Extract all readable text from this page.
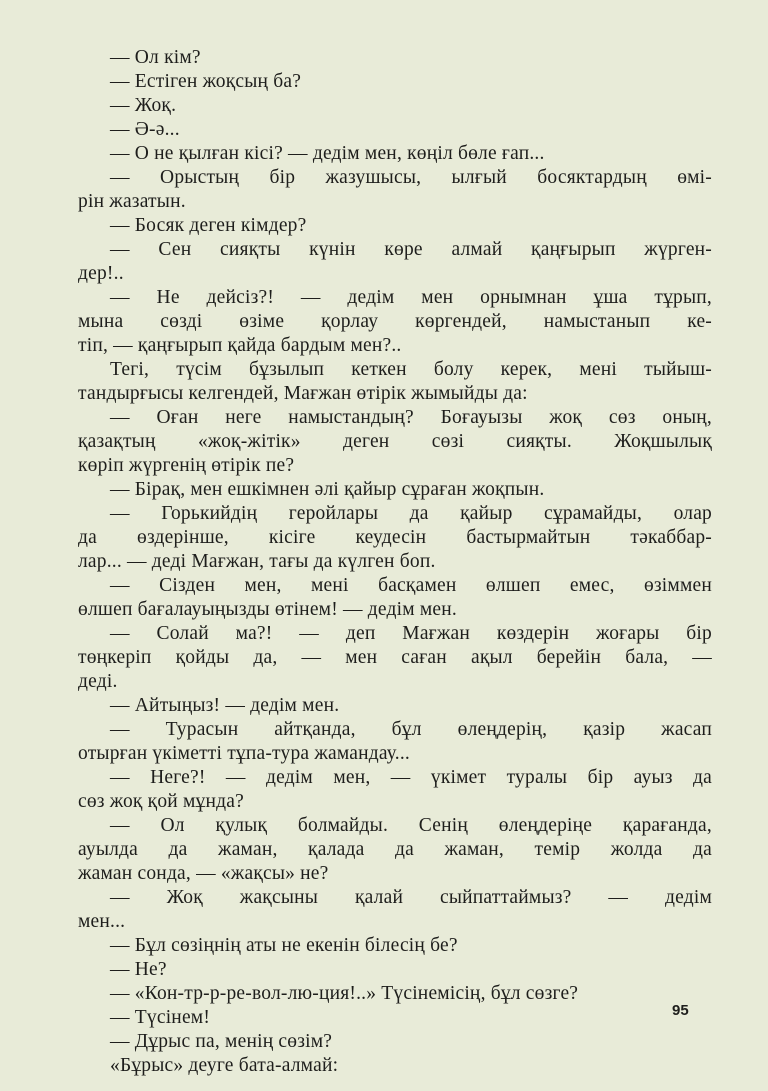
— Ол кім?
— Естіген жоқсың ба?
— Жоқ.
— Ә-ә...
— О не қылған кісі? — дедім мен, көңіл бөле ғап...
— Орыстың бір жазушысы, ылғый босяктардың өмі-
рін жазатын.
— Босяк деген кімдер?
— Сен сияқты күнін көре алмай қаңғырып жүрген-
дер!..
— Не дейсіз?! — дедім мен орнымнан ұша тұрып,
мына сөзді өзіме қорлау көргендей, намыстанып ке-
тіп, — қаңғырып қайда бардым мен?..
Тегі, түсім бұзылып кеткен болу керек, мені тыйыш-
тандырғысы келгендей, Мағжан өтірік жымыйды да:
— Оған неге намыстандың? Боғауызы жоқ сөз оның,
қазақтың «жоқ-жітік» деген сөзі сияқты. Жоқшылық
көріп жүргенің өтірік пе?
— Бірақ, мен ешкімнен әлі қайыр сұраған жоқпын.
— Горькийдің геройлары да қайыр сұрамайды, олар
да өздерінше, кісіге кеудесін бастырмайтын тәкаббар-
лар... — деді Мағжан, тағы да күлген боп.
— Сізден мен, мені басқамен өлшеп емес, өзіммен
өлшеп бағалауыңызды өтінем! — дедім мен.
— Солай ма?! — деп Мағжан көздерін жоғары бір
төңкеріп қойды да, — мен саған ақыл берейін бала, —
деді.
— Айтыңыз! — дедім мен.
— Турасын айтқанда, бұл өлеңдерің, қазір жасап
отырған үкіметті тұпа-тура жамандау...
— Неге?! — дедім мен, — үкімет туралы бір ауыз да
сөз жоқ қой мұнда?
— Ол қулық болмайды. Сенің өлеңдеріңе қарағанда,
ауылда да жаман, қалада да жаман, темір жолда да
жаман сонда, — «жақсы» не?
— Жоқ жақсыны қалай сыйпаттаймыз? — дедім
мен...
— Бұл сөзіңнің аты не екенін білесің бе?
— Не?
— «Кон-тр-р-ре-вол-лю-ция!..» Түсінемісің, бұл сөзге?
— Түсінем!
— Дұрыс па, менің сөзім?
«Бұрыс» деуге бата-алмай:
95
